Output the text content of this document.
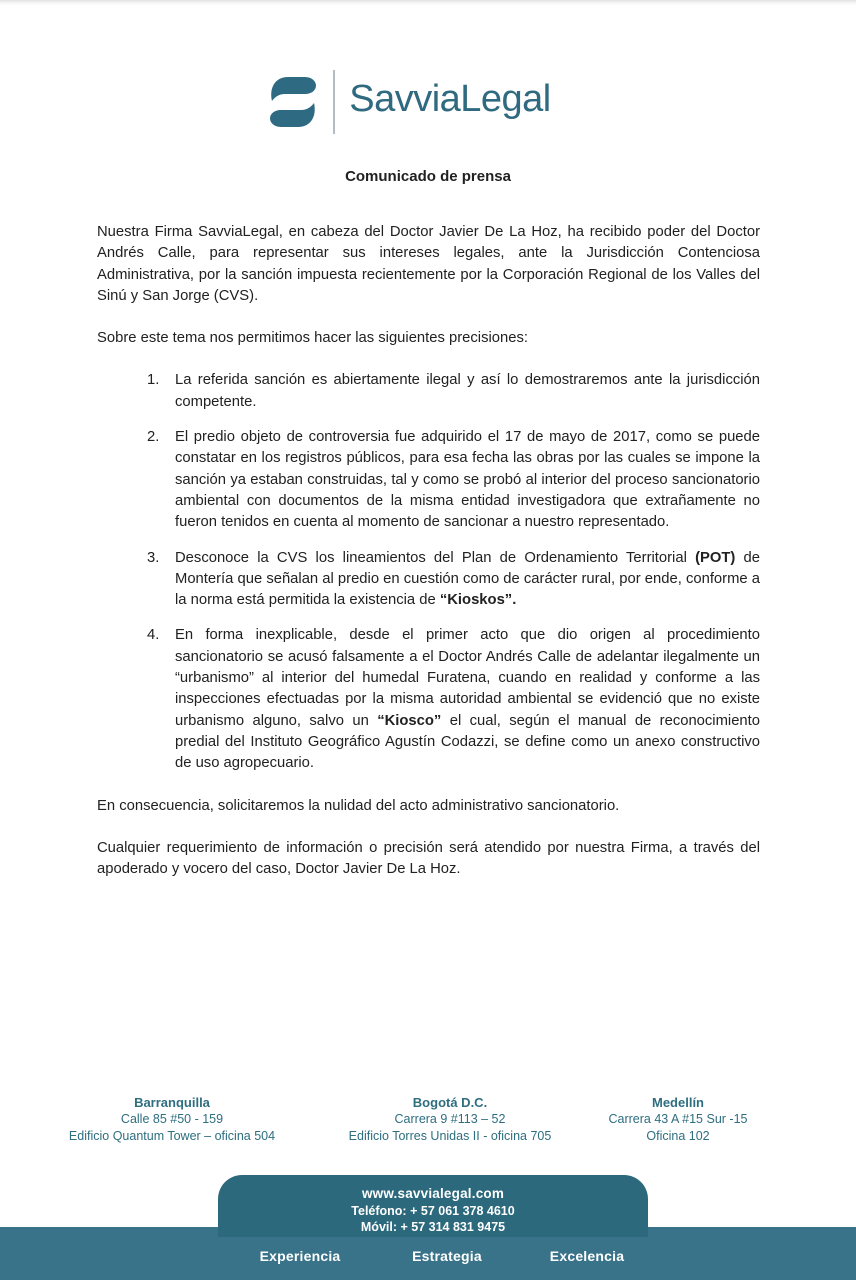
SavviaLegal
Comunicado de prensa

Nuestra Firma SavviaLegal, en cabeza del Doctor Javier De La Hoz, ha recibido poder del Doctor Andrés Calle, para representar sus intereses legales, ante la Jurisdicción Contenciosa Administrativa, por la sanción impuesta recientemente por la Corporación Regional de los Valles del Sinú y San Jorge (CVS).

Sobre este tema nos permitimos hacer las siguientes precisiones:

1.	La referida sanción es abiertamente ilegal y así lo demostraremos ante la jurisdicción competente.
2.	El predio objeto de controversia fue adquirido el 17 de mayo de 2017, como se puede constatar en los registros públicos, para esa fecha las obras por las cuales se impone la sanción ya estaban construidas, tal y como se probó al interior del proceso sancionatorio ambiental con documentos de la misma entidad investigadora que extrañamente no fueron tenidos en cuenta al momento de sancionar a nuestro representado.
3.	Desconoce la CVS los lineamientos del Plan de Ordenamiento Territorial (POT) de Montería que señalan al predio en cuestión como de carácter rural, por ende, conforme a la norma está permitida la existencia de “Kioskos”.
4.	En forma inexplicable, desde el primer acto que dio origen al procedimiento sancionatorio se acusó falsamente a el Doctor Andrés Calle de adelantar ilegalmente un “urbanismo” al interior del humedal Furatena, cuando en realidad y conforme a las inspecciones efectuadas por la misma autoridad ambiental se evidenció que no existe urbanismo alguno, salvo un “Kiosco” el cual, según el manual de reconocimiento predial del Instituto Geográfico Agustín Codazzi, se define como un anexo constructivo de uso agropecuario.

En consecuencia, solicitaremos la nulidad del acto administrativo sancionatorio.

Cualquier requerimiento de información o precisión será atendido por nuestra Firma, a través del apoderado y vocero del caso, Doctor Javier De La Hoz.

Barranquilla
Calle 85 #50 - 159
Edificio Quantum Tower – oficina 504
Bogotá D.C.
Carrera 9 #113 – 52
Edificio Torres Unidas II - oficina 705
Medellín
Carrera 43 A #15 Sur -15
Oficina 102
Experiencia	Estrategia	Excelencia
www.savvialegal.com
Teléfono: + 57 061 378 4610
Móvil: + 57 314 831 9475
